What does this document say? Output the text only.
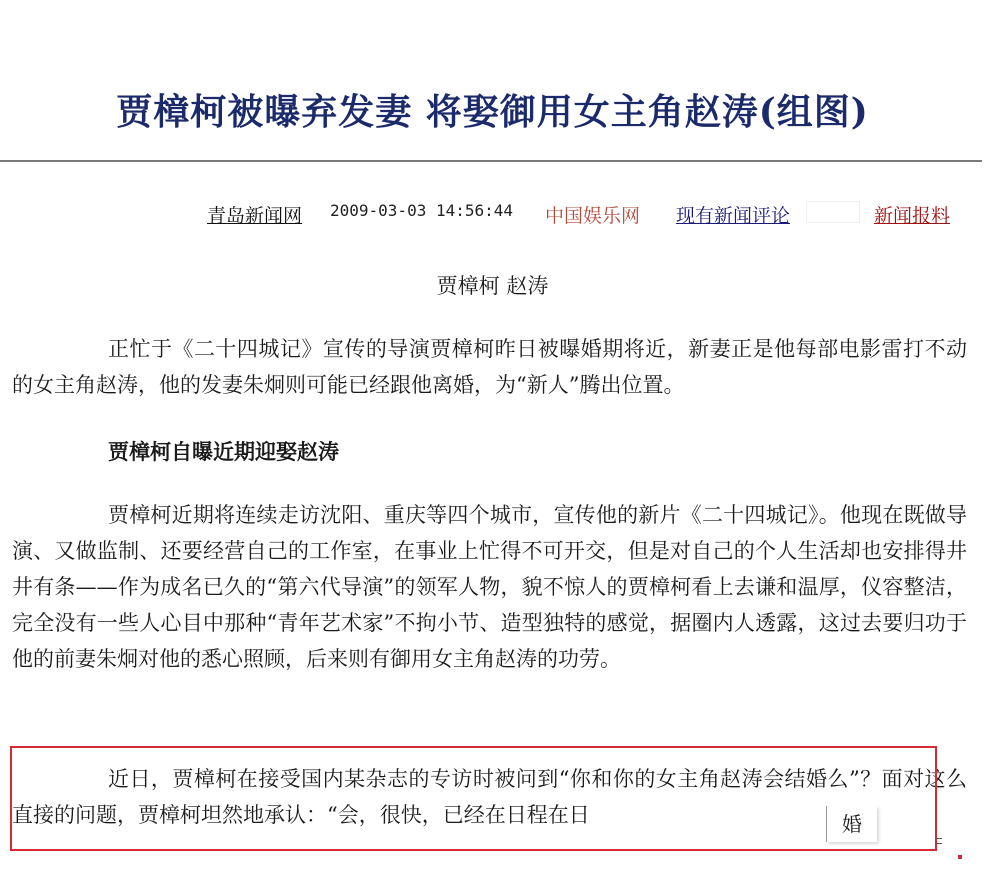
贾樟柯被曝弃发妻 将娶御用女主角赵涛(组图)
青岛新闻网 2009-03-03 14:56:44 中国娱乐网 现有新闻评论	新闻报料
贾樟柯 赵涛

正忙于《二十四城记》宣传的导演贾樟柯昨日被曝婚期将近，新妻正是他每部电影雷打不动的女主角赵涛，他的发妻朱炯则可能已经跟他离婚，为“新人”腾出位置。

贾樟柯自曝近期迎娶赵涛

贾樟柯近期将连续走访沈阳、重庆等四个城市，宣传他的新片《二十四城记》。他现在既做导演、又做监制、还要经营自己的工作室，在事业上忙得不可开交，但是对自己的个人生活却也安排得井井有条——作为成名已久的“第六代导演”的领军人物，貌不惊人的贾樟柯看上去谦和温厚，仪容整洁，完全没有一些人心目中那种“青年艺术家”不拘小节、造型独特的感觉，据圈内人透露，这过去要归功于他的前妻朱炯对他的悉心照顾，后来则有御用女主角赵涛的功劳。

近日，贾樟柯在接受国内某杂志的专访时被问到“你和你的女主角赵涛会结婚么”？面对这么直接的问题，贾樟柯坦然地承认：“会，很快，已经在日程在日	婚
